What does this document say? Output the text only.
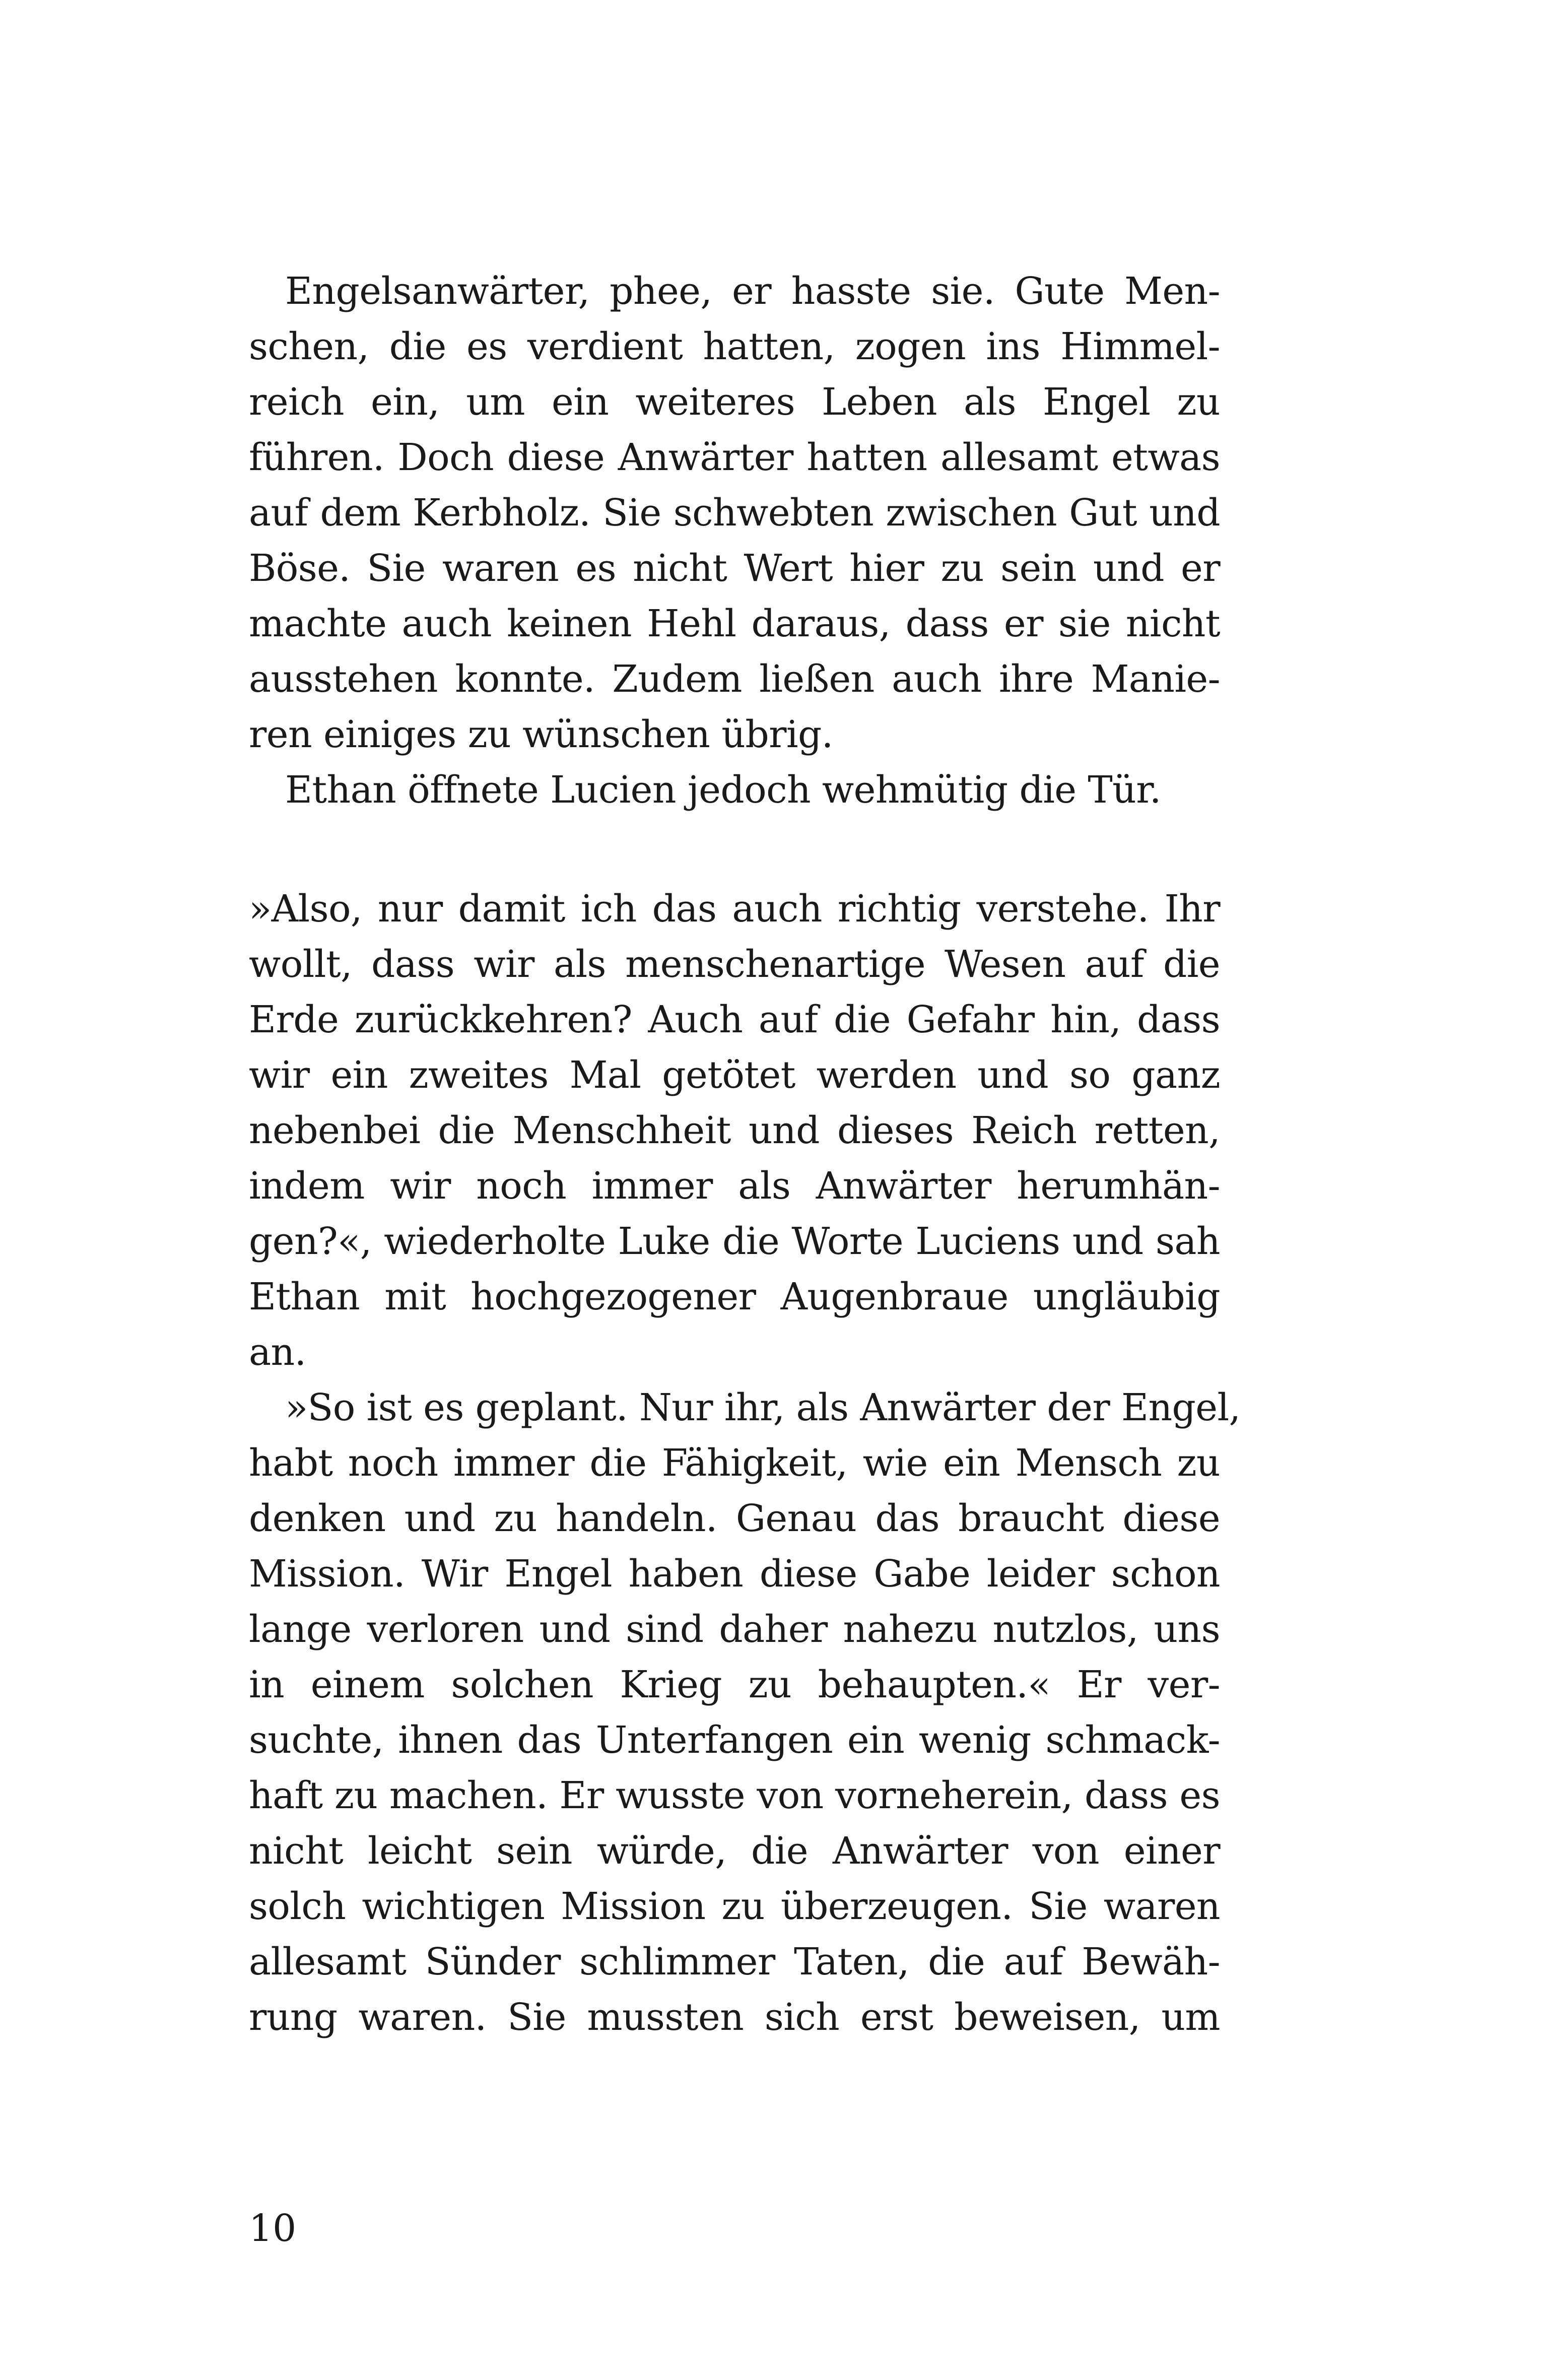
Engelsanwärter, phee, er hasste sie. Gute Men-
schen, die es verdient hatten, zogen ins Himmel-
reich ein, um ein weiteres Leben als Engel zu
führen. Doch diese Anwärter hatten allesamt etwas
auf dem Kerbholz. Sie schwebten zwischen Gut und
Böse. Sie waren es nicht Wert hier zu sein und er
machte auch keinen Hehl daraus, dass er sie nicht
ausstehen konnte. Zudem ließen auch ihre Manie-
ren einiges zu wünschen übrig.
Ethan öffnete Lucien jedoch wehmütig die Tür.
»Also, nur damit ich das auch richtig verstehe. Ihr
wollt, dass wir als menschenartige Wesen auf die
Erde zurückkehren? Auch auf die Gefahr hin, dass
wir ein zweites Mal getötet werden und so ganz
nebenbei die Menschheit und dieses Reich retten,
indem wir noch immer als Anwärter herumhän-
gen?«, wiederholte Luke die Worte Luciens und sah
Ethan mit hochgezogener Augenbraue ungläubig
an.
»So ist es geplant. Nur ihr, als Anwärter der Engel,
habt noch immer die Fähigkeit, wie ein Mensch zu
denken und zu handeln. Genau das braucht diese
Mission. Wir Engel haben diese Gabe leider schon
lange verloren und sind daher nahezu nutzlos, uns
in einem solchen Krieg zu behaupten.« Er ver-
suchte, ihnen das Unterfangen ein wenig schmack-
haft zu machen. Er wusste von vorneherein, dass es
nicht leicht sein würde, die Anwärter von einer
solch wichtigen Mission zu überzeugen. Sie waren
allesamt Sünder schlimmer Taten, die auf Bewäh-
rung waren. Sie mussten sich erst beweisen, um
10
